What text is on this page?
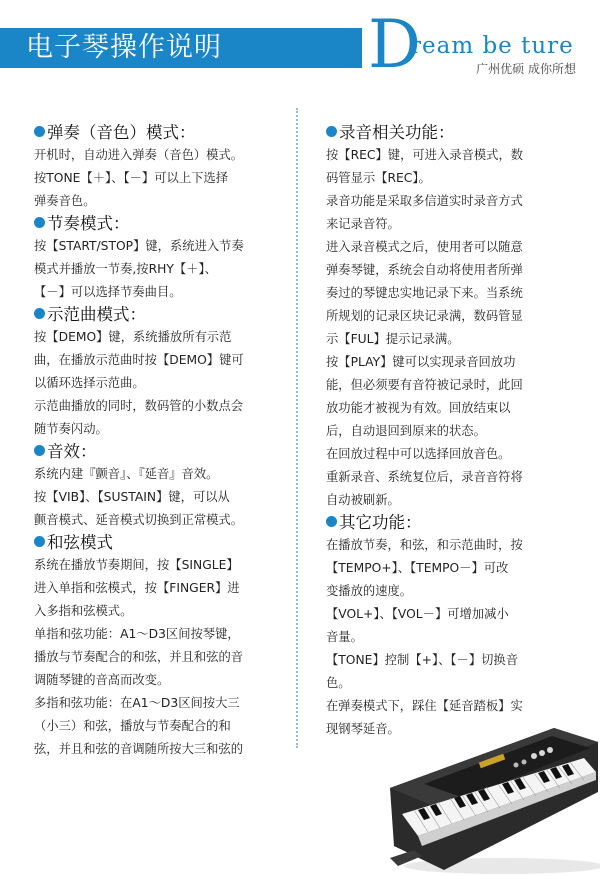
电子琴操作说明 D
ream be ture
广州优硕 成你所想
弹奏（音色）模式：
开机时，自动进入弹奏（音色）模式。
按TONE【＋】、【－】可以上下选择
弹奏音色。
节奏模式：
按【START/STOP】键，系统进入节奏
模式并播放一节奏,按RHY【＋】、
【－】可以选择节奏曲目。
示范曲模式：
按【DEMO】键，系统播放所有示范
曲，在播放示范曲时按【DEMO】键可
以循环选择示范曲。
示范曲播放的同时，数码管的小数点会
随节奏闪动。
音效：
系统内建『颤音』、『延音』音效。
按【VIB】、【SUSTAIN】键，可以从
颤音模式、延音模式切换到正常模式。
和弦模式
系统在播放节奏期间，按【SINGLE】
进入单指和弦模式，按【FINGER】进
入多指和弦模式。
单指和弦功能：A1～D3区间按琴键，
播放与节奏配合的和弦，并且和弦的音
调随琴键的音高而改变。
多指和弦功能：在A1～D3区间按大三
（小三）和弦，播放与节奏配合的和
弦，并且和弦的音调随所按大三和弦的
录音相关功能：
按【REC】键，可进入录音模式，数
码管显示【REC】。
录音功能是采取多信道实时录音方式
来记录音符。
进入录音模式之后，使用者可以随意
弹奏琴键，系统会自动将使用者所弹
奏过的琴键忠实地记录下来。当系统
所规划的记录区块记录满，数码管显
示【FUL】提示记录满。
按【PLAY】键可以实现录音回放功
能，但必须要有音符被记录时，此回
放功能才被视为有效。回放结束以
后，自动退回到原来的状态。
在回放过程中可以选择回放音色。
重新录音、系统复位后，录音音符将
自动被刷新。
其它功能：
在播放节奏，和弦，和示范曲时，按
【TEMPO+】、【TEMPO－】可改
变播放的速度。
【VOL+】、【VOL－】可增加减小
音量。
【TONE】控制【+】、【－】切换音
色。
在弹奏模式下，踩住【延音踏板】实
现钢琴延音。
